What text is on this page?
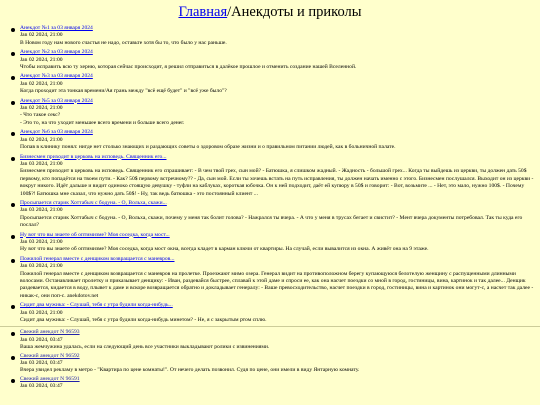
Главная/Анекдоты и приколы
Анекдот №1 за 03 января 2024
Jan 02 2024, 21:00
В Новом году нам нового счастья не надо, оставьте хотя бы то, что было у нас раньше.
Анекдот №2 за 03 января 2024
Jan 02 2024, 21:00
Чтобы исправить всю ту херню, которая сейчас происходит, я решил отправиться в далёкое прошлое и отменить создание нашей Вселенной.
Анекдот №3 за 03 января 2024
Jan 02 2024, 21:00
Когда проходит эта тонкая времени/Ая грань между "всё ещё будет" и "всё уже было"?
Анекдот №5 за 03 января 2024
Jan 02 2024, 21:00
- Что такое секс?
- Это то, на что уходит меньшее всего времени и больше всего денег.
Анекдот №6 за 03 января 2024
Jan 02 2024, 21:00
Попав в клинику понял: нигде нет столько знающих и раздающих советы о здоровом образе жизни и о правильном питании людей, как в больничной палате.
Бизнесмен приходит в церковь на исповедь. Священник его...
Jan 03 2024, 21:00
Бизнесмен приходит в церковь на исповедь. Священник его спрашивает: - В чем твой грех, сын мой? - Батюшка, я слишком жадный. - Жадность - большой грех... Когда ты выйдешь из церкви, ты должен дать 50$ первому, кто попадётся на твоем пути. - Как? 50$ первому встречному?? - Да, сын мой. Если ты хочешь встать на путь исправления, ты должен начать именно с этого. Бизнесмен послушался. Выходит он из церкви - вокруг никого. Идёт дальше и видит одиноко стоящую девушку - туфли на каблуках, короткая юбочка. Он к ней подходит, даёт ей купюру в 50$ и говорит: - Вот, возьмите ... - Нет, это мало, нужно 100$. - Почему 100$?! Батюшка мне сказал, что нужно дать 50$! - Ну, так ведь батюшка - это постоянный клиент ...
Просыпается старик Хоттабыч с бодуна. - О, Вольха, скажи...
Jan 03 2024, 21:00
Просыпается старик Хоттабыч с бодуна. - О, Вольха, скажи, почему у меня так болит голова? - Нажрался ты вчера. - А что у меня в трусах бегает и свистит? - Мент вчера документы потребовал. Так ты куда его послал?
Ну вот что вы знаете об оптимизме? Моя соседка, когда мост...
Jan 03 2024, 21:00
Ну вот что вы знаете об оптимизме? Моя соседка, когда мост окна, всегда кладет в карман ключи от квартиры. На случай, если вывалится из окна. А живёт она на 9 этаже.
Пожилой генерал вместе с денщиком возвращается с маневров...
Jan 03 2024, 21:00
Пожилой генерал вместе с денщиком возвращается с маневров на пролетке. Проезжают мимо озера. Генерал видит на противоположном берегу купающуюся белотелую женщину с распущенными длинными волосами. Останавливает пролетку и приказывает денщику: - Иван, раздевайся быстрее, сплавай к этой даме и спроси ее, как она насчет поездки со мной в город, гостиницы, вина, картинок и так далее... Денщик раздевается, кидается в воду, плывет к даме и вскоре возвращается обратно и докладывает генералу: - Ваше превосходительство, насчет поездки в город, гостиницы, вина и картинок они могут-с, а насчет так далее - никак-с, они поп-с. anekdotov.net
Сидит два мужика: - Слушай, тебя с утра будили когда-нибудь...
Jan 03 2024, 21:00
Сидит два мужика: - Слушай, тебя с утра будили когда-нибудь минетом? - Не, я с закрытым ртом сплю.
Свежий анекдот N 96593
Jan 03 2024, 03:47
Ваша жемчужина удалась, если на следующий день все участники выкладывают ролики с извинениями.
Свежий анекдот N 96592
Jan 03 2024, 03:47
Вчера увидел рекламу в метро - "Квартира по цене комнаты!". От нечего делать позвонил. Судя по цене, они имели в виду Янтарную комнату.
Свежий анекдот N 96591
Jan 03 2024, 03:47
